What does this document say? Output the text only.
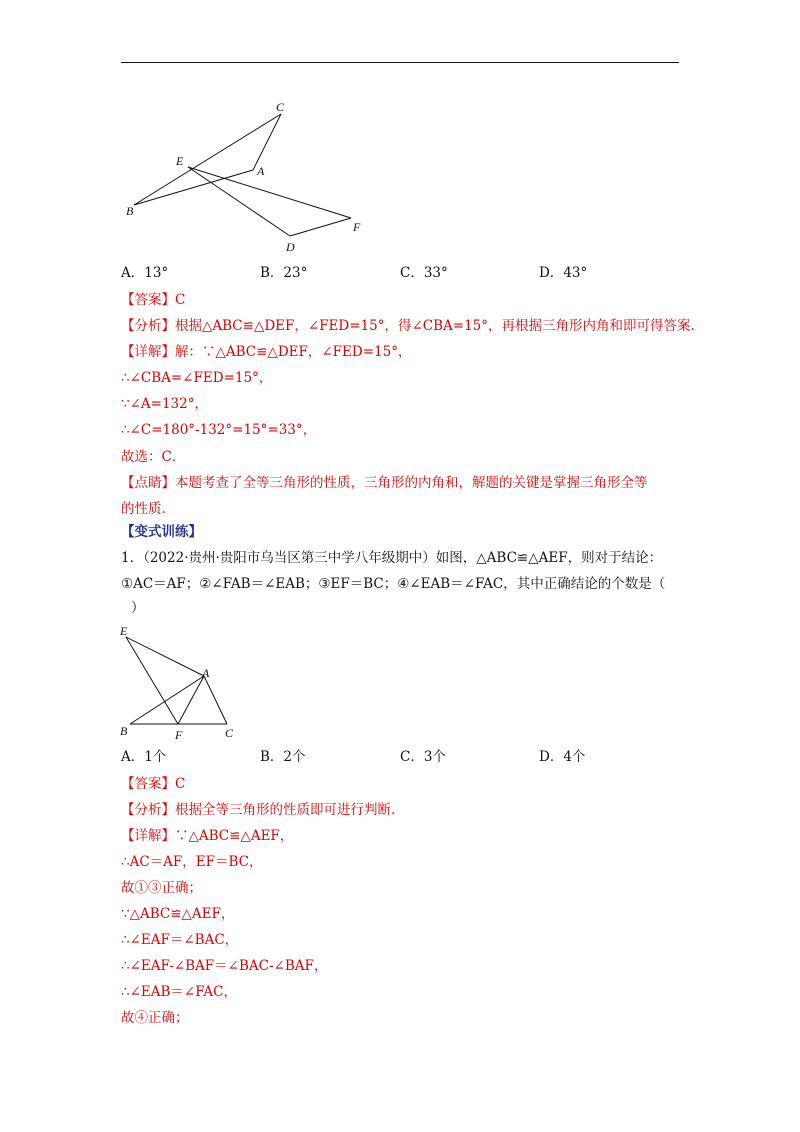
C
E
A
B
F
D
A．13°	B．23°	C．33°	D．43°
【答案】C
【分析】根据△ABC≌△DEF，∠FED=15°，得∠CBA=15°，再根据三角形内角和即可得答案.
【详解】解：∵△ABC≌△DEF，∠FED=15°，
∴∠CBA=∠FED=15°，
∵∠A=132°，
∴∠C=180°-132°=15°=33°，
故选：C．
【点睛】本题考查了全等三角形的性质，三角形的内角和，解题的关键是掌握三角形全等
的性质.
【变式训练】
1．（2022·贵州·贵阳市乌当区第三中学八年级期中）如图，△ABC≌△AEF，则对于结论：
①AC＝AF；②∠FAB＝∠EAB；③EF＝BC；④∠EAB＝∠FAC，其中正确结论的个数是（
）
E
A
B	F	C
A．1个	B．2个	C．3个	D．4个
【答案】C
【分析】根据全等三角形的性质即可进行判断.
【详解】∵△ABC≌△AEF，
∴AC＝AF，EF＝BC，
故①③正确；
∵△ABC≌△AEF，
∴∠EAF＝∠BAC，
∴∠EAF-∠BAF＝∠BAC-∠BAF，
∴∠EAB＝∠FAC，
故④正确；
